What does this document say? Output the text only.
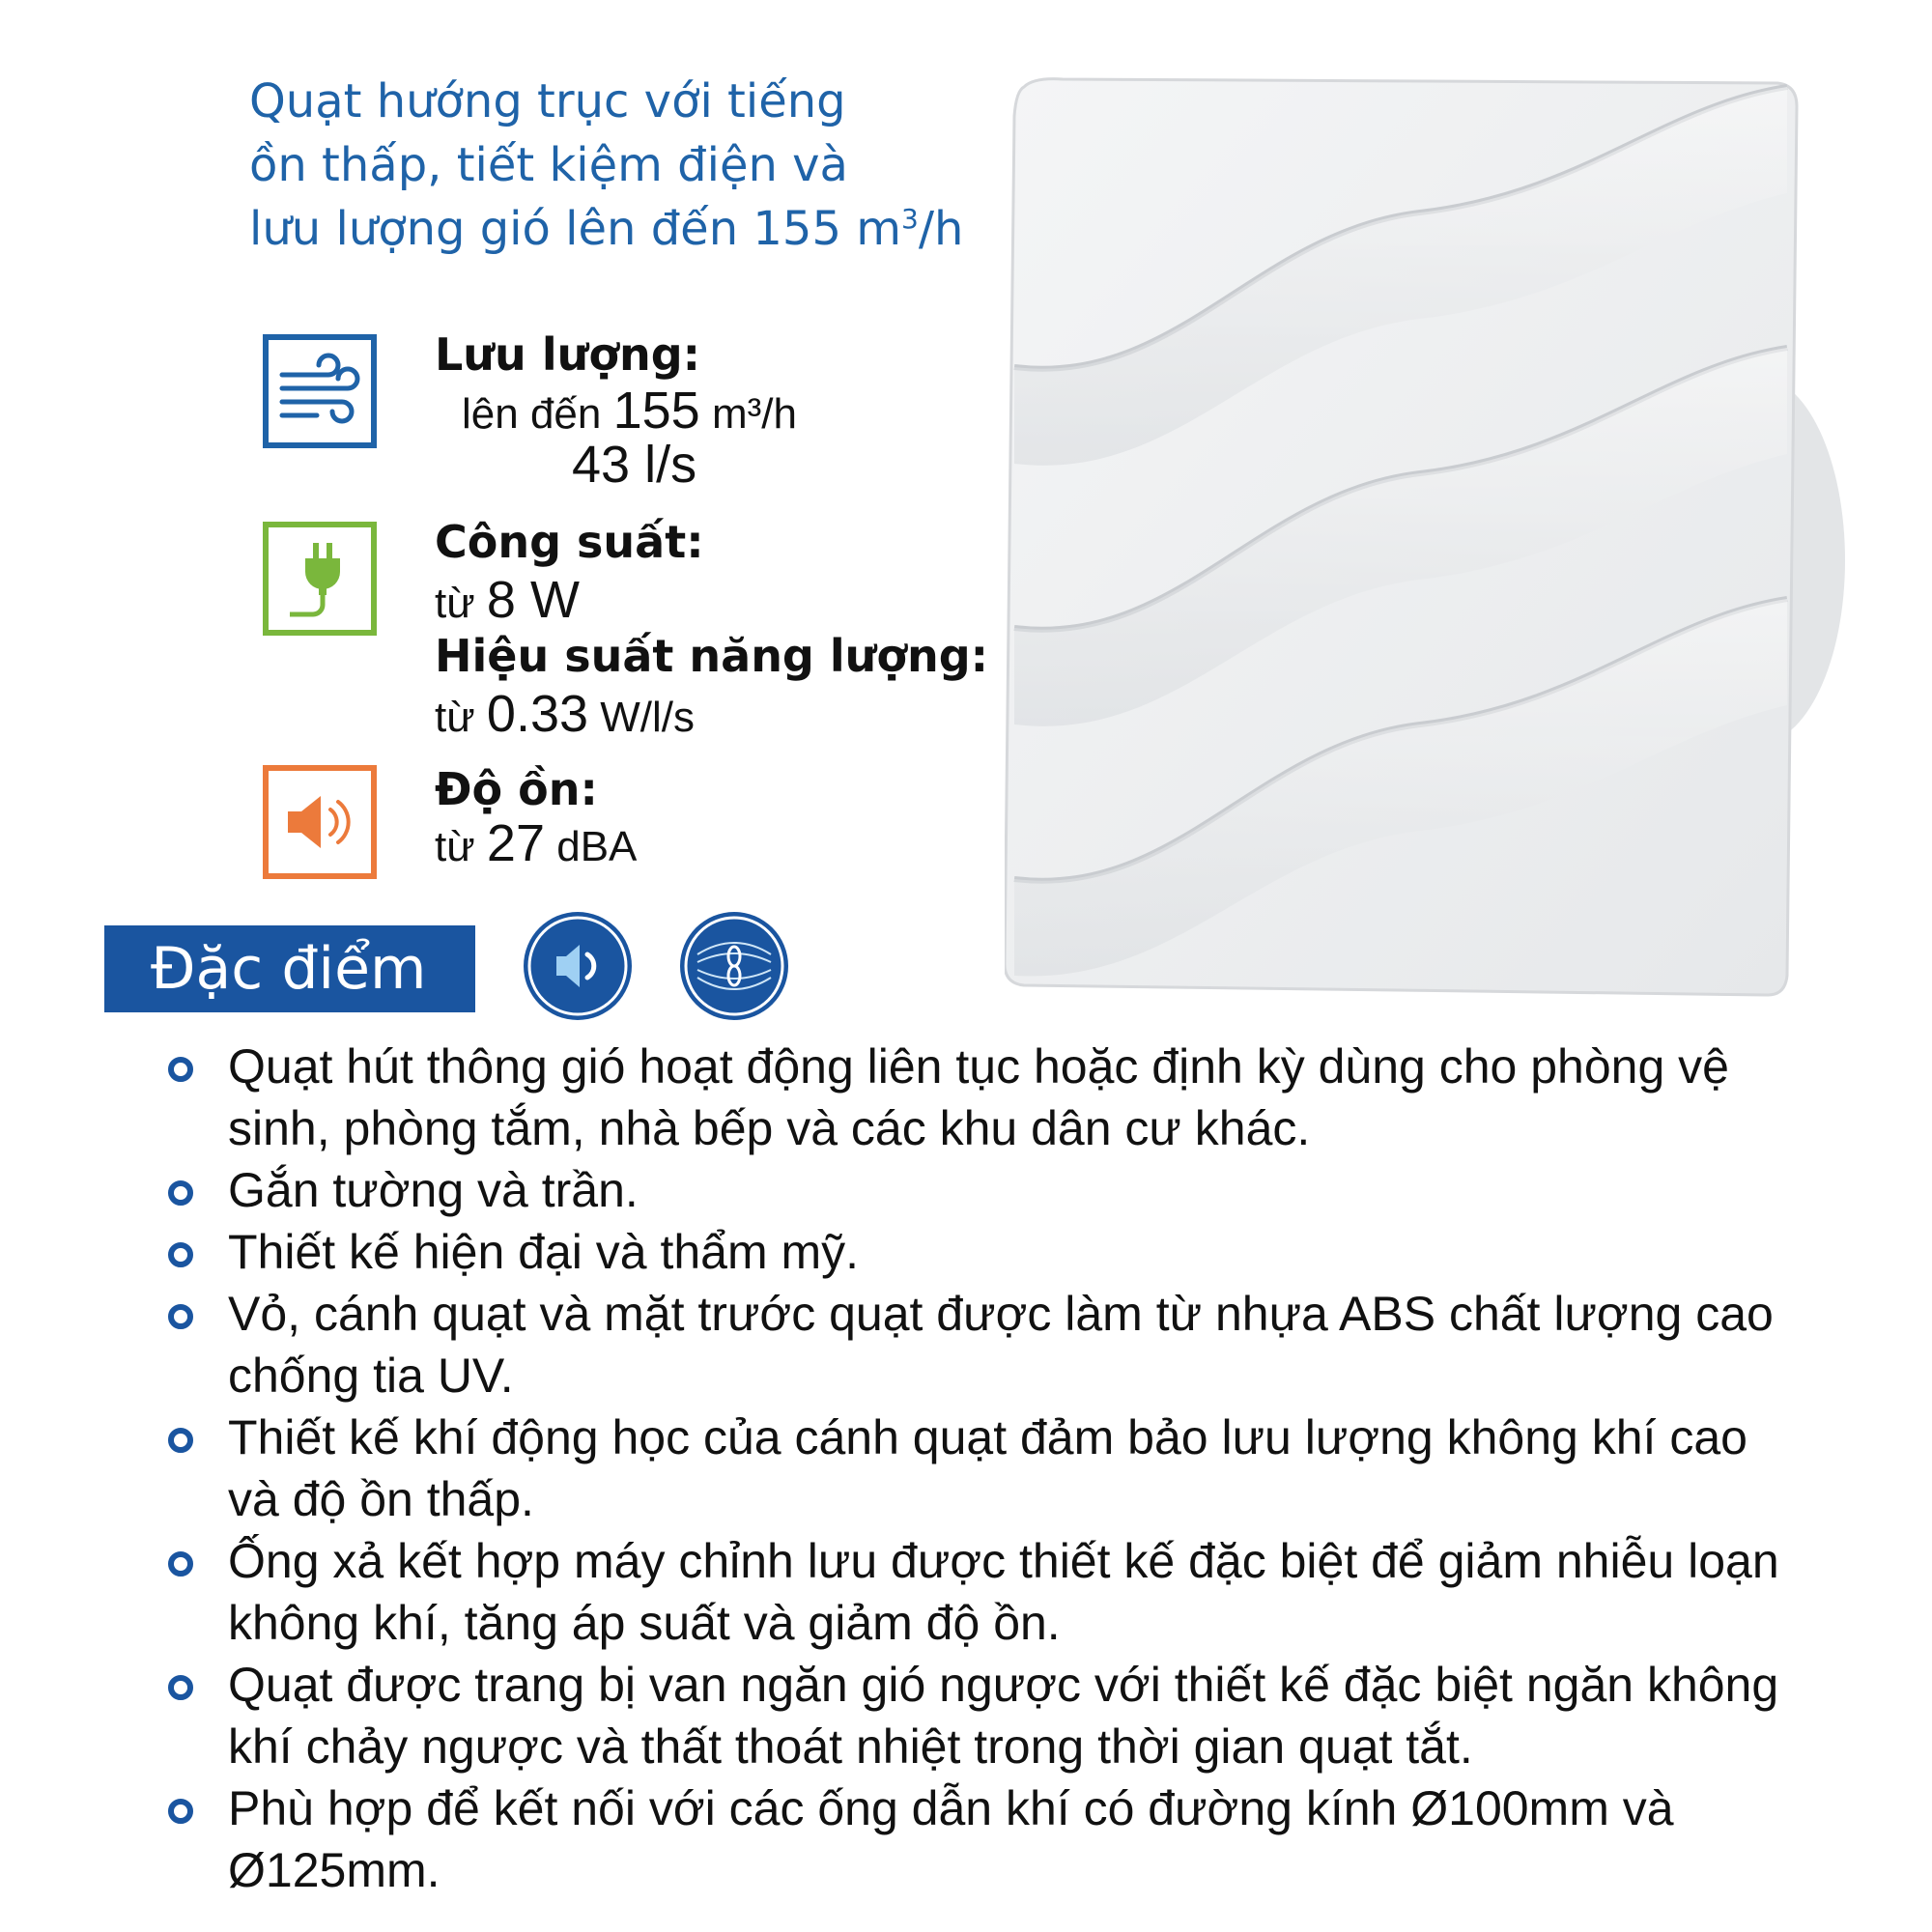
Quạt hướng trục với tiếng
ồn thấp, tiết kiệm điện và
lưu lượng gió lên đến 155 $m^3/h$
Lưu lượng:
lên đến 155 m³/h
43 l/s
Công suất:
từ 8 W
Hiệu suất năng lượng:
từ 0.33 W/l/s
Độ ồn:
từ 27 dBA
Đặc điểm
Quạt hút thông gió hoạt động liên tục hoặc định kỳ dùng cho phòng vệ sinh, phòng tắm, nhà bếp và các khu dân cư khác.
Gắn tường và trần.
Thiết kế hiện đại và thẩm mỹ.
Vỏ, cánh quạt và mặt trước quạt được làm từ nhựa ABS chất lượng cao chống tia UV.
Thiết kế khí động học của cánh quạt đảm bảo lưu lượng không khí cao và độ ồn thấp.
Ống xả kết hợp máy chỉnh lưu được thiết kế đặc biệt để giảm nhiễu loạn không khí, tăng áp suất và giảm độ ồn.
Quạt được trang bị van ngăn gió ngược với thiết kế đặc biệt ngăn không khí chảy ngược và thất thoát nhiệt trong thời gian quạt tắt.
Phù hợp để kết nối với các ống dẫn khí có đường kính Ø100mm và Ø125mm.
